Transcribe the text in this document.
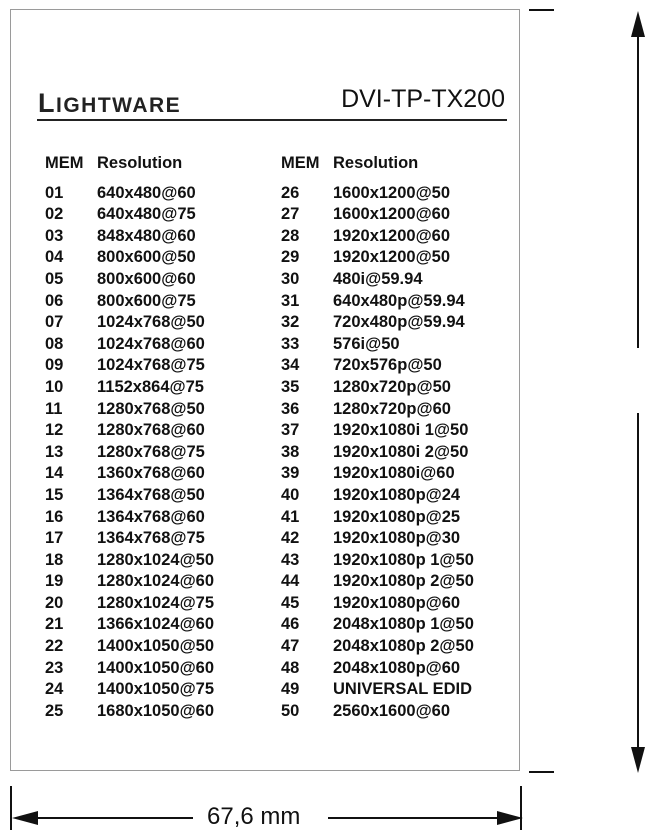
LIGHTWARE	DVI-TP-TX200
MEM Resolution
01	640x480@60
02	640x480@75
03	848x480@60
04	800x600@50
05	800x600@60
06	800x600@75
07	1024x768@50
08	1024x768@60
09	1024x768@75
10	1152x864@75
11	1280x768@50
12	1280x768@60
13	1280x768@75
14	1360x768@60
15	1364x768@50
16	1364x768@60
17	1364x768@75
18	1280x1024@50
19	1280x1024@60
20	1280x1024@75
21	1366x1024@60
22	1400x1050@50
23	1400x1050@60
24	1400x1050@75
25	1680x1050@60
MEM Resolution
26	1600x1200@50
27	1600x1200@60
28	1920x1200@60
29	1920x1200@50
30	480i@59.94
31	640x480p@59.94
32	720x480p@59.94
33	576i@50
34	720x576p@50
35	1280x720p@50
36	1280x720p@60
37	1920x1080i 1@50
38	1920x1080i 2@50
39	1920x1080i@60
40	1920x1080p@24
41	1920x1080p@25
42	1920x1080p@30
43	1920x1080p 1@50
44	1920x1080p 2@50
45	1920x1080p@60
46	2048x1080p 1@50
47	2048x1080p 2@50
48	2048x1080p@60
49	UNIVERSAL EDID
50	2560x1600@60
67,6 mm
